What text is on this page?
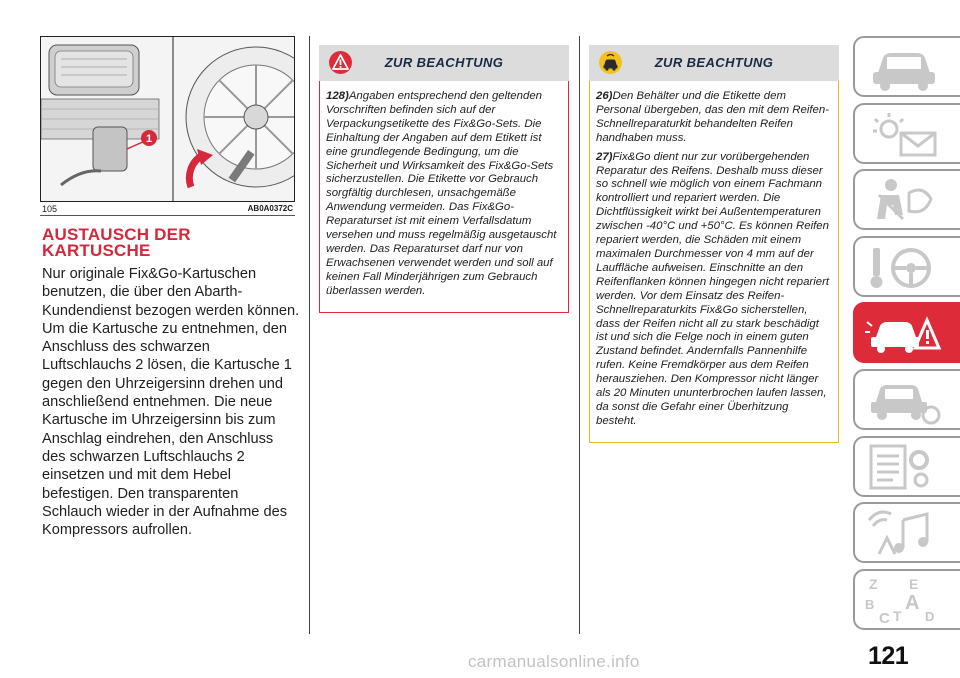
1
105	AB0A0372C
AUSTAUSCH DER
KARTUSCHE

Nur originale Fix&Go-Kartuschen benutzen, die über den Abarth-Kundendienst bezogen werden können. Um die Kartusche zu entnehmen, den Anschluss des schwarzen Luftschlauchs 2 lösen, die Kartusche 1 gegen den Uhrzeigersinn drehen und anschließend entnehmen. Die neue Kartusche im Uhrzeigersinn bis zum Anschlag eindrehen, den Anschluss des schwarzen Luftschlauchs 2 einsetzen und mit dem Hebel befestigen. Den transparenten Schlauch wieder in der Aufnahme des Kompressors aufrollen.

ZUR BEACHTUNG

128)Angaben entsprechend den geltenden Vorschriften befinden sich auf der Verpackungsetikette des Fix&Go-Sets. Die Einhaltung der Angaben auf dem Etikett ist eine grundlegende Bedingung, um die Sicherheit und Wirksamkeit des Fix&Go-Sets sicherzustellen. Die Etikette vor Gebrauch sorgfältig durchlesen, unsachgemäße Anwendung vermeiden. Das Fix&Go-Reparaturset ist mit einem Verfallsdatum versehen und muss regelmäßig ausgetauscht werden. Das Reparaturset darf nur von Erwachsenen verwendet werden und soll auf keinen Fall Minderjährigen zum Gebrauch überlassen werden.

ZUR BEACHTUNG

26)Den Behälter und die Etikette dem Personal übergeben, das den mit dem Reifen-Schnellreparaturkit behandelten Reifen handhaben muss.

27)Fix&Go dient nur zur vorübergehenden Reparatur des Reifens. Deshalb muss dieser so schnell wie möglich von einem Fachmann kontrolliert und repariert werden. Die Dichtflüssigkeit wirkt bei Außentemperaturen zwischen -40°C und +50°C. Es können Reifen repariert werden, die Schäden mit einem maximalen Durchmesser von 4 mm auf der Lauffläche aufweisen. Einschnitte an den Reifenflanken können hingegen nicht repariert werden. Vor dem Einsatz des Reifen-Schnellreparaturkits Fix&Go sicherstellen, dass der Reifen nicht all zu stark beschädigt ist und sich die Felge noch in einem guten Zustand befindet. Andernfalls Pannenhilfe rufen. Keine Fremdkörper aus dem Reifen herausziehen. Den Kompressor nicht länger als 20 Minuten ununterbrochen laufen lassen, da sonst die Gefahr einer Überhitzung besteht.

Z E
B A
C T D
carmanualsonline.info	121
